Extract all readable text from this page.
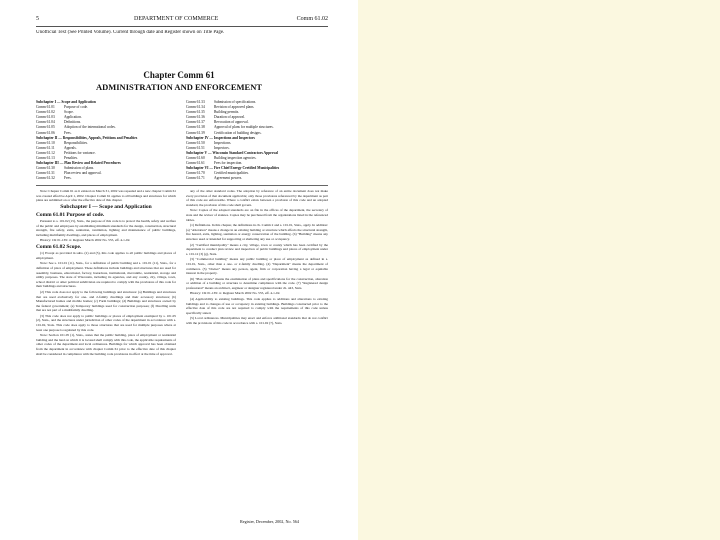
5	DEPARTMENT OF COMMERCE	Comm 61.02
Unofficial Text (See Printed Volume). Current through date and Register shown on Title Page.
Chapter Comm 61
ADMINISTRATION AND ENFORCEMENT
Subchapter I — Scope and Application
Comm 61.01	Purpose of code.
Comm 61.02	Scope.
Comm 61.03	Application.
Comm 61.04	Definitions.
Comm 61.05	Adoption of the international codes.
Comm 61.06	Fees.
Subchapter II — Responsibilities, Appeals, Petitions and Penalties
Comm 61.10	Responsibilities.
Comm 61.11	Appeals.
Comm 61.12	Petitions for variance.
Comm 61.13	Penalties.
Subchapter III — Plan Review and Related Procedures
Comm 61.30	Submission of plans.
Comm 61.31	Plan review and approval.
Comm 61.32	Fees.
Comm 61.33	Submission of specifications.
Comm 61.34	Revision of approved plans.
Comm 61.35	Building permits.
Comm 61.36	Duration of approval.
Comm 61.37	Revocation of approval.
Comm 61.38	Approval of plans for multiple structures.
Comm 61.39	Certification of building designs.
Subchapter IV — Inspections and Inspectors
Comm 61.50	Inspections.
Comm 61.51	Inspectors.
Subchapter V — Wisconsin Standard Contractors Approval
Comm 61.60	Building inspection agencies.
Comm 61.61	Fees for inspection.
Subchapter VI — Fire Chief Energy Certified Municipalities
Comm 61.70	Certified municipalities.
Comm 61.71	Agreement powers.

Note: Chapter Comm 61 as it existed on March 31, 2002 was repealed and a new chapter Comm 61 was created effective April 1, 2002. Chapter Comm 61 applies to all buildings and structures for which plans are submitted on or after the effective date of this chapter.

Subchapter I — Scope and Application

Comm 61.01 Purpose of code.

Pursuant to s. 101.02 (15), Stats., the purpose of this code is to protect the health, safety and welfare of the public and employees by establishing minimum standards for the design, construction, structural strength, fire safety, exits, sanitation, ventilation, lighting and maintenance of public buildings, including multifamily dwellings, and places of employment.

History: CR 01-139: cr. Register March 2002 No. 555, eff. 4-1-02.

Comm 61.02 Scope.

(1) Except as provided in subs. (2) and (3), this code applies to all public buildings and places of employment.

Note: See s. 101.01 (11), Stats., for a definition of public building and s. 101.01 (11), Stats., for a definition of place of employment. These definitions include buildings and structures that are used for assembly, business, educational, factory, hazardous, institutional, mercantile, residential, storage and utility purposes. The state of Wisconsin, including its agencies, and any county, city, village, town, school district or other political subdivision are required to comply with the provisions of this code for their buildings and structures.

(2) This code does not apply to the following buildings and structures: (a) Buildings and structures that are used exclusively for one- and 2-family dwellings and their accessory structures; (b) Manufactured homes and mobile homes; (c) Farm buildings; (d) Buildings and structures owned by the federal government; (e) Temporary buildings used for construction purposes; (f) Dwelling units that are not part of a multifamily dwelling.

(3) This code does not apply to public buildings or places of employment exempted by s. 101.05 (2), Stats., and the structures under jurisdiction of other codes of the department in accordance with s. 101.02, Stats. This code does apply to those structures that are used for multiple purposes where at least one purpose is regulated by this code.

Note: Section 101.05 (1), Stats., states that the public building, place of employment or residential building and the land on which it is located shall comply with this code, the applicable requirements of other codes of the department and local ordinances. Buildings for which approval has been obtained from the department in accordance with chapter Comm 61 prior to the effective date of this chapter shall be considered in compliance with the building code provisions in effect at the time of approval.

any of the other standard codes. The adoption by reference of an entire document does not make every provision of that document applicable; only those provisions referenced by the department as part of this code are enforceable. Where a conflict exists between a provision of this code and an adopted standard, the provision of this code shall govern.

Note: Copies of the adopted standards are on file in the offices of the department, the secretary of state and the revisor of statutes. Copies may be purchased from the organizations listed in the referenced tables.

(1) Definitions. In this chapter, the definitions in ch. Comm 2 and s. 101.01, Stats., apply. In addition: (a) "Alteration" means a change in an existing building or structure which affects the structural strength, fire hazard, exits, lighting, sanitation or energy conservation of the building. (b) "Building" means any structure used or intended for supporting or sheltering any use or occupancy.

(2) "Certified municipality" means a city, village, town or county which has been certified by the department to conduct plan review and inspection of public buildings and places of employment under s. 101.12 (3) (g), Stats.

(3) "Commercial building" means any public building or place of employment as defined in s. 101.01, Stats., other than a one- or 2-family dwelling. (4) "Department" means the department of commerce. (5) "Owner" means any person, agent, firm or corporation having a legal or equitable interest in the property.

(6) "Plan review" means the examination of plans and specifications for the construction, alteration or addition of a building or structure to determine compliance with the code. (7) "Registered design professional" means an architect, engineer or designer registered under ch. 443, Stats.

History: CR 01-139: cr. Register March 2002 No. 555, eff. 4-1-02.

(4) Applicability to existing buildings. This code applies to additions and alterations to existing buildings and to changes of use or occupancy in existing buildings. Buildings constructed prior to the effective date of this code are not required to comply with the requirements of this code unless specifically stated.

(5) Local ordinances. Municipalities may enact and enforce additional standards that do not conflict with the provisions of this code in accordance with s. 101.02 (7), Stats.

Register, December, 2002, No. 564
